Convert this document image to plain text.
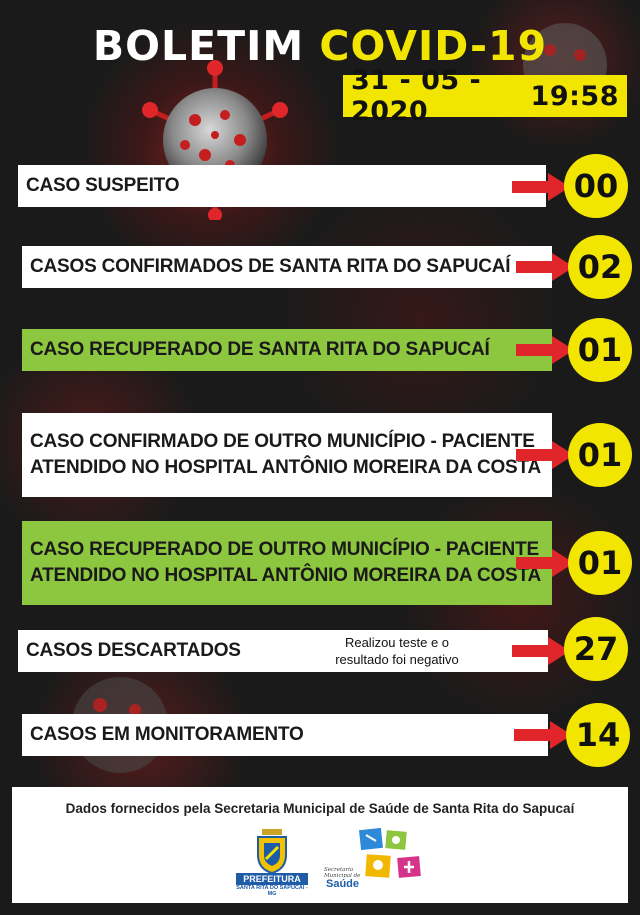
BOLETIM COVID-19
31 - 05 - 2020	19:58
CASO SUSPEITO	00
CASOS CONFIRMADOS DE SANTA RITA DO SAPUCAÍ	02
CASO RECUPERADO DE SANTA RITA DO SAPUCAÍ	01
CASO CONFIRMADO DE OUTRO MUNICÍPIO - PACIENTE
ATENDIDO NO HOSPITAL ANTÔNIO MOREIRA DA COSTA	01
CASO RECUPERADO DE OUTRO MUNICÍPIO - PACIENTE
ATENDIDO NO HOSPITAL ANTÔNIO MOREIRA DA COSTA	01
CASOS DESCARTADOS	Realizou teste e o
resultado foi negativo	27
CASOS EM MONITORAMENTO	14
Dados fornecidos pela Secretaria Municipal de Saúde de Santa Rita do Sapucaí
PREFEITURA
SANTA RITA DO SAPUCAÍ - MG
Secretaria Municipal de
Saúde
